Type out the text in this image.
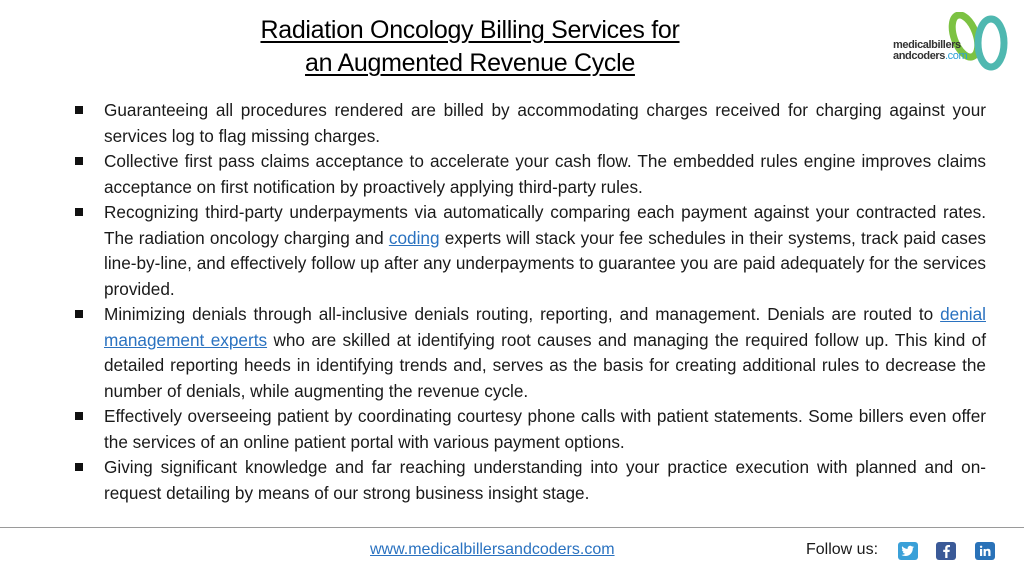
Radiation Oncology Billing Services for
an Augmented Revenue Cycle
medicalbillers
andcoders.com
Guaranteeing all procedures rendered are billed by accommodating charges received for charging against your services log to flag missing charges.
Collective first pass claims acceptance to accelerate your cash flow. The embedded rules engine improves claims acceptance on first notification by proactively applying third-party rules.
Recognizing third-party underpayments via automatically comparing each payment against your contracted rates. The radiation oncology charging and coding experts will stack your fee schedules in their systems, track paid cases line-by-line, and effectively follow up after any underpayments to guarantee you are paid adequately for the services provided.
Minimizing denials through all-inclusive denials routing, reporting, and management. Denials are routed to denial management experts who are skilled at identifying root causes and managing the required follow up. This kind of detailed reporting heeds in identifying trends and, serves as the basis for creating additional rules to decrease the number of denials, while augmenting the revenue cycle.
Effectively overseeing patient by coordinating courtesy phone calls with patient statements. Some billers even offer the services of an online patient portal with various payment options.
Giving significant knowledge and far reaching understanding into your practice execution with planned and on-request detailing by means of our strong business insight stage.
www.medicalbillersandcoders.com	Follow us:
